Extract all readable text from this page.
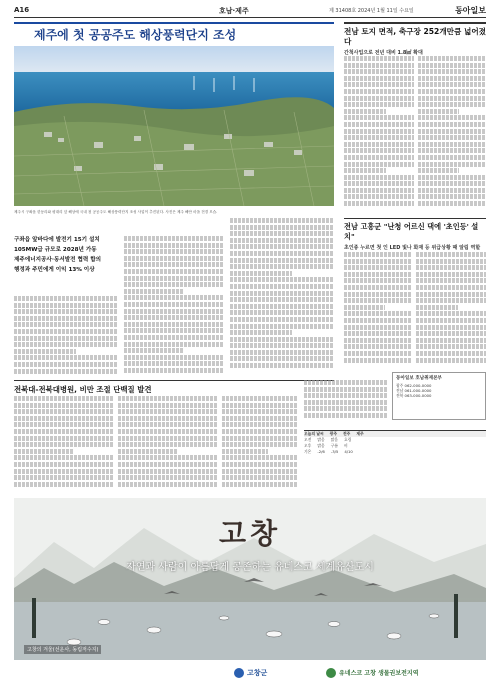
A16	호남·제주	제 31408호 2024년 1월 11일 수요일	동아일보
제주에 첫 공공주도 해상풍력단지 조성
제주시 구좌읍 한동리와 평대리 앞 해상에 국내 첫 공공주도 해상풍력단지 조성 사업이 추진된다. 사진은 제주 해안 마을 전경 모습.

구좌읍 앞바다에 발전기 15기 설치

105MW급 규모로 2028년 가동

제주에너지공사·동서발전 협력 합의

행정과 주민에게 이익 13% 이상

전북대-전북대병원, 비만 조절 단백질 발견
전남 토지 면적, 축구장 252개만큼 넓어졌다
간척사업으로 전년 대비 1.8㎢ 확대
전남 고흥군 "난청 어르신 댁에 '초인등' 설치"
초인종 누르면 첫 인 LED 빛나 화재 등 위급상황 때 알림 역할
동아일보 호남취재본부
광주 062-000-0000
전남 061-000-0000
전북 063-000-0000
오늘의 날씨 광주 전주 제주
오전 맑음 맑음 흐림
오후 맑음 구름 비
기온 -2/6 -3/5 4/10
고창
자연과 사람이 아름답게 공존하는 유네스코 세계유산도시
고창의 겨울(선운사, 동림저수지)
고창군	유네스코 고창 생물권보전지역
